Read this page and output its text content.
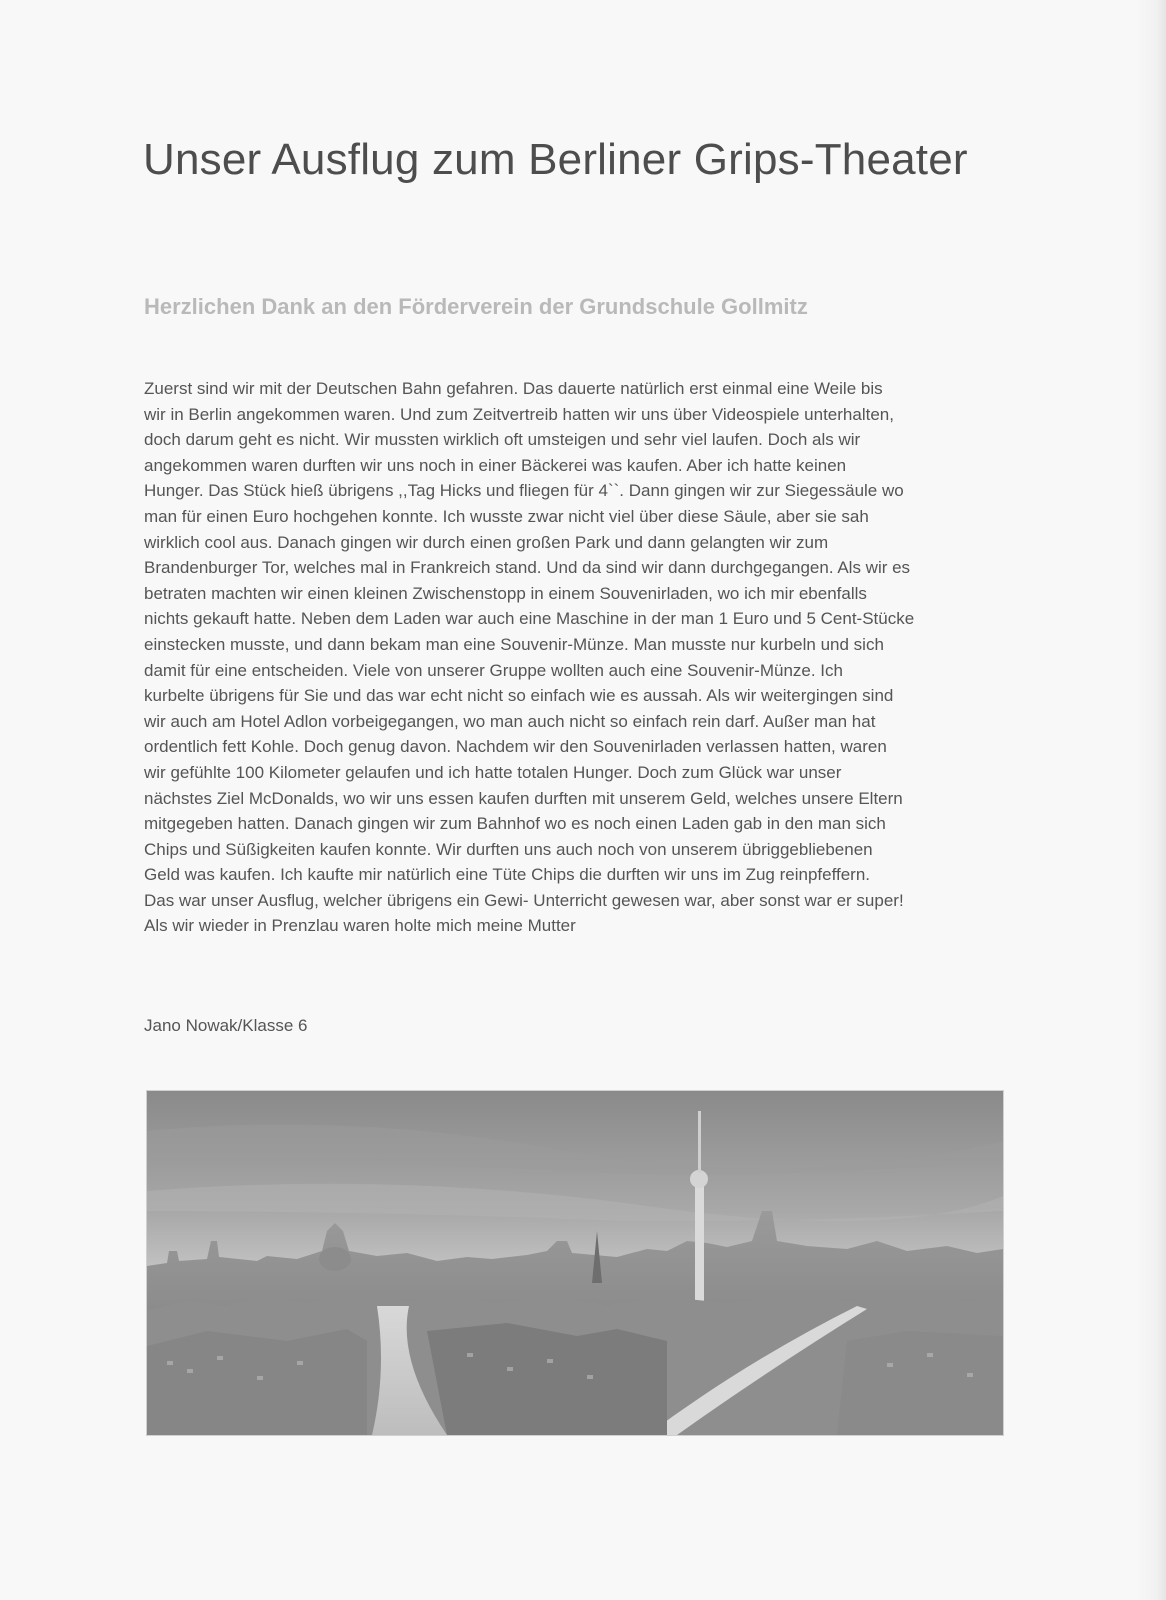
Unser Ausflug zum Berliner Grips-Theater
Herzlichen Dank an den Förderverein der Grundschule Gollmitz
Zuerst sind wir mit der Deutschen Bahn gefahren. Das dauerte natürlich erst einmal eine Weile bis
wir in Berlin angekommen waren. Und zum Zeitvertreib hatten wir uns über Videospiele unterhalten,
doch darum geht es nicht. Wir mussten wirklich oft umsteigen und sehr viel laufen. Doch als wir
angekommen waren durften wir uns noch in einer Bäckerei was kaufen. Aber ich hatte keinen
Hunger. Das Stück hieß übrigens ,,Tag Hicks und fliegen für 4``. Dann gingen wir zur Siegessäule wo
man für einen Euro hochgehen konnte. Ich wusste zwar nicht viel über diese Säule, aber sie sah
wirklich cool aus. Danach gingen wir durch einen großen Park und dann gelangten wir zum
Brandenburger Tor, welches mal in Frankreich stand. Und da sind wir dann durchgegangen. Als wir es
betraten machten wir einen kleinen Zwischenstopp in einem Souvenirladen, wo ich mir ebenfalls
nichts gekauft hatte. Neben dem Laden war auch eine Maschine in der man 1 Euro und 5 Cent-Stücke
einstecken musste, und dann bekam man eine Souvenir-Münze. Man musste nur kurbeln und sich
damit für eine entscheiden. Viele von unserer Gruppe wollten auch eine Souvenir-Münze. Ich
kurbelte übrigens für Sie und das war echt nicht so einfach wie es aussah. Als wir weitergingen sind
wir auch am Hotel Adlon vorbeigegangen, wo man auch nicht so einfach rein darf. Außer man hat
ordentlich fett Kohle. Doch genug davon. Nachdem wir den Souvenirladen verlassen hatten, waren
wir gefühlte 100 Kilometer gelaufen und ich hatte totalen Hunger. Doch zum Glück war unser
nächstes Ziel McDonalds, wo wir uns essen kaufen durften mit unserem Geld, welches unsere Eltern
mitgegeben hatten. Danach gingen wir zum Bahnhof wo es noch einen Laden gab in den man sich
Chips und Süßigkeiten kaufen konnte. Wir durften uns auch noch von unserem übriggebliebenen
Geld was kaufen. Ich kaufte mir natürlich eine Tüte Chips die durften wir uns im Zug reinpfeffern.
Das war unser Ausflug, welcher übrigens ein Gewi- Unterricht gewesen war, aber sonst war er super!
Als wir wieder in Prenzlau waren holte mich meine Mutter

Jano Nowak/Klasse 6
